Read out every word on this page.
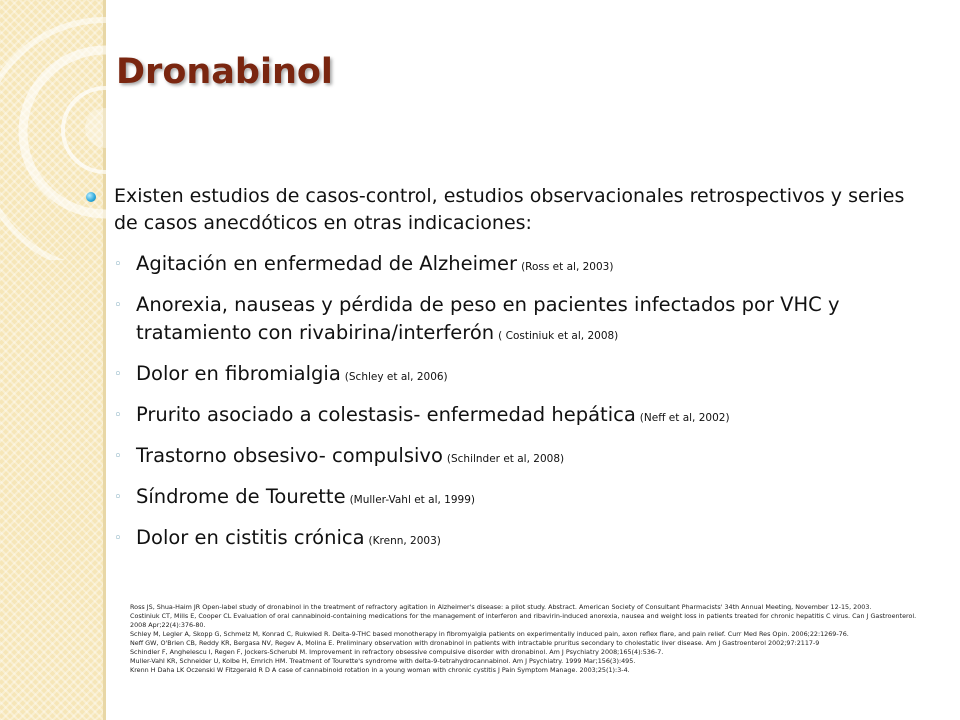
Dronabinol
Existen estudios de casos-control, estudios observacionales retrospectivos y series de casos anecdóticos en otras indicaciones:
◦ Agitación en enfermedad de Alzheimer (Ross et al, 2003)
◦ Anorexia, nauseas y pérdida de peso en pacientes infectados por VHC y tratamiento con rivabirina/interferón ( Costiniuk et al, 2008)
◦ Dolor en fibromialgia (Schley et al, 2006)
◦ Prurito asociado a colestasis- enfermedad hepática (Neff et al, 2002)
◦ Trastorno obsesivo- compulsivo (Schilnder et al, 2008)
◦ Síndrome de Tourette (Muller-Vahl et al, 1999)
◦ Dolor en cistitis crónica (Krenn, 2003)

Ross JS, Shua-Haim JR Open-label study of dronabinol in the treatment of refractory agitation in Alzheimer's disease: a pilot study. Abstract. American Society of Consultant Pharmacists' 34th Annual Meeting, November 12-15, 2003.

Costiniuk CT, Mills E, Cooper CL Evaluation of oral cannabinoid-containing medications for the management of interferon and ribavirin-induced anorexia, nausea and weight loss in patients treated for chronic hepatitis C virus. Can J Gastroenterol. 2008 Apr;22(4):376-80.

Schley M, Legler A, Skopp G, Schmelz M, Konrad C, Rukwied R. Delta-9-THC based monotherapy in fibromyalgia patients on experimentally induced pain, axon reflex flare, and pain relief. Curr Med Res Opin. 2006;22:1269-76.

Neff GW, O'Brien CB, Reddy KR, Bergasa NV, Regev A, Molina E. Preliminary observation with dronabinol in patients with intractable pruritus secondary to cholestatic liver disease. Am J Gastroenterol 2002;97:2117-9

Schindler F, Anghelescu I, Regen F, Jockers-Scherubl M. Improvement in refractory obsessive compulsive disorder with dronabinol. Am J Psychiatry 2008;165(4):536-7.

Muller-Vahl KR, Schneider U, Kolbe H, Emrich HM. Treatment of Tourette's syndrome with delta-9-tetrahydrocannabinol. Am J Psychiatry. 1999 Mar;156(3):495.

Krenn H Daha LK Oczenski W Fitzgerald R D A case of cannabinoid rotation in a young woman with chronic cystitis J Pain Symptom Manage. 2003;25(1):3-4.
